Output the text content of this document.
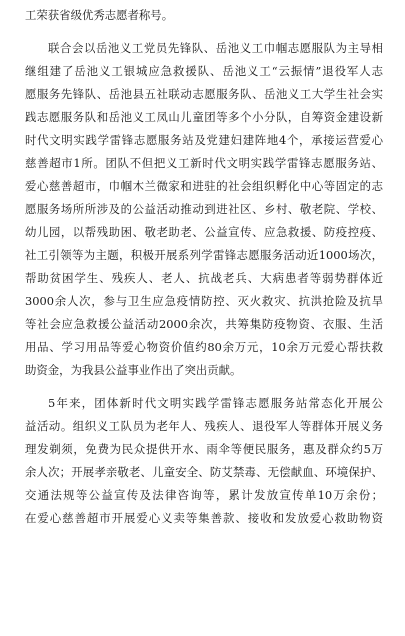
工荣获省级优秀志愿者称号。
联合会以岳池义工党员先锋队、岳池义工巾帼志愿服队为主导相
继组建了岳池义工银城应急救援队、岳池义工“云振情”退役军人志
愿服务先锋队、岳池县五社联动志愿服务队、岳池义工大学生社会实
践志愿服务队和岳池义工凤山儿童团等多个小分队，自筹资金建设新
时代文明实践学雷锋志愿服务站及党建妇建阵地4个，承接运营爱心
慈善超市1所。团队不但把义工新时代文明实践学雷锋志愿服务站、
爱心慈善超市，巾帼木兰微家和进驻的社会组织孵化中心等固定的志
愿服务场所所涉及的公益活动推动到进社区、乡村、敬老院、学校、
幼儿园，以帮残助困、敬老助老、公益宣传、应急救援、防疫控疫、
社工引领等为主题，积极开展系列学雷锋志愿服务活动近1000场次，
帮助贫困学生、残疾人、老人、抗战老兵、大病患者等弱势群体近
3000余人次，参与卫生应急疫情防控、灭火救灾、抗洪抢险及抗旱
等社会应急救援公益活动2000余次，共筹集防疫物资、衣服、生活
用品、学习用品等爱心物资价值约80余万元，10余万元爱心帮扶救
助资金，为我县公益事业作出了突出贡献。
5年来，团体新时代文明实践学雷锋志愿服务站常态化开展公
益活动。组织义工队员为老年人、残疾人、退役军人等群体开展义务
理发剃须，免费为民众提供开水、雨伞等便民服务，惠及群众约5万
余人次；开展孝亲敬老、儿童安全、防艾禁毒、无偿献血、环境保护、
交通法规等公益宣传及法律咨询等，累计发放宣传单10万余份；
在爱心慈善超市开展爱心义卖等集善款、接收和发放爱心救助物资
